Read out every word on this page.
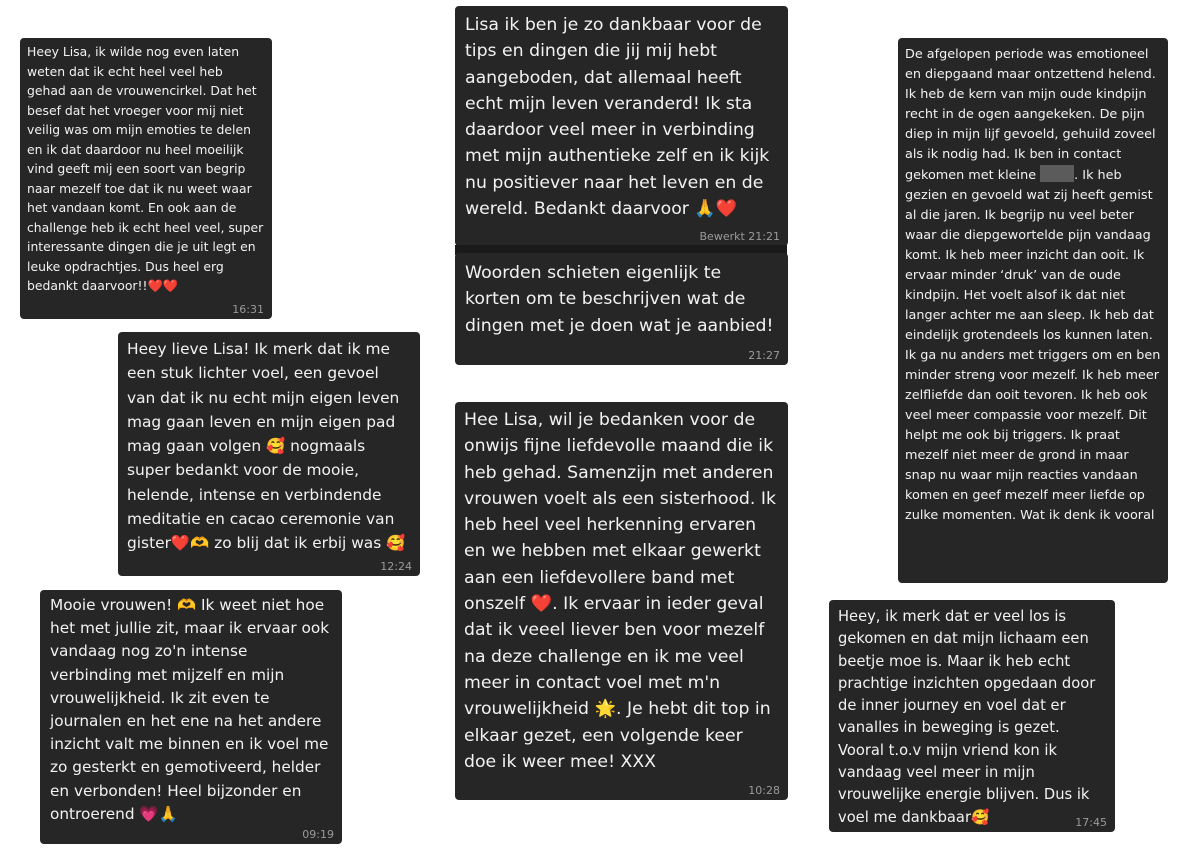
Heey Lisa, ik wilde nog even laten weten dat ik echt heel veel heb gehad aan de vrouwencirkel. Dat het besef dat het vroeger voor mij niet veilig was om mijn emoties te delen en ik dat daardoor nu heel moeilijk vind geeft mij een soort van begrip naar mezelf toe dat ik nu weet waar het vandaan komt. En ook aan de challenge heb ik echt heel veel, super interessante dingen die je uit legt en leuke opdrachtjes. Dus heel erg bedankt daarvoor!!❤️❤️

16:31

Lisa ik ben je zo dankbaar voor de tips en dingen die jij mij hebt aangeboden, dat allemaal heeft echt mijn leven veranderd! Ik sta daardoor veel meer in verbinding met mijn authentieke zelf en ik kijk nu positiever naar het leven en de wereld. Bedankt daarvoor 🙏❤️

Bewerkt 21:21

Woorden schieten eigenlijk te korten om te beschrijven wat de dingen met je doen wat je aanbied!

21:27

De afgelopen periode was emotioneel en diepgaand maar ontzettend helend. Ik heb de kern van mijn oude kindpijn recht in de ogen aangekeken. De pijn diep in mijn lijf gevoeld, gehuild zoveel als ik nodig had. Ik ben in contact gekomen met kleine	. Ik heb gezien en gevoeld wat zij heeft gemist al die jaren. Ik begrijp nu veel beter waar die diepgewortelde pijn vandaag komt. Ik heb meer inzicht dan ooit. Ik ervaar minder ‘druk’ van de oude kindpijn. Het voelt alsof ik dat niet langer achter me aan sleep. Ik heb dat eindelijk grotendeels los kunnen laten. Ik ga nu anders met triggers om en ben minder streng voor mezelf. Ik heb meer zelfliefde dan ooit tevoren. Ik heb ook veel meer compassie voor mezelf. Dit helpt me ook bij triggers. Ik praat mezelf niet meer de grond in maar snap nu waar mijn reacties vandaan komen en geef mezelf meer liefde op zulke momenten. Wat ik denk ik vooral

Heey lieve Lisa! Ik merk dat ik me een stuk lichter voel, een gevoel van dat ik nu echt mijn eigen leven mag gaan leven en mijn eigen pad mag gaan volgen 🥰 nogmaals super bedankt voor de mooie, helende, intense en verbindende meditatie en cacao ceremonie van gister❤️🫶 zo blij dat ik erbij was 🥰

12:24

Hee Lisa, wil je bedanken voor de onwijs fijne liefdevolle maand die ik heb gehad. Samenzijn met anderen vrouwen voelt als een sisterhood. Ik heb heel veel herkenning ervaren en we hebben met elkaar gewerkt aan een liefdevollere band met onszelf ❤️. Ik ervaar in ieder geval dat ik veeel liever ben voor mezelf na deze challenge en ik me veel meer in contact voel met m'n vrouwelijkheid 🌟. Je hebt dit top in elkaar gezet, een volgende keer doe ik weer mee! XXX

10:28

Mooie vrouwen! 🫶 Ik weet niet hoe het met jullie zit, maar ik ervaar ook vandaag nog zo'n intense verbinding met mijzelf en mijn vrouwelijkheid. Ik zit even te journalen en het ene na het andere inzicht valt me binnen en ik voel me zo gesterkt en gemotiveerd, helder en verbonden! Heel bijzonder en ontroerend 💗🙏

09:19

Heey, ik merk dat er veel los is gekomen en dat mijn lichaam een beetje moe is. Maar ik heb echt prachtige inzichten opgedaan door de inner journey en voel dat er vanalles in beweging is gezet. Vooral t.o.v mijn vriend kon ik vandaag veel meer in mijn vrouwelijke energie blijven. Dus ik voel me dankbaar🥰	17:45
